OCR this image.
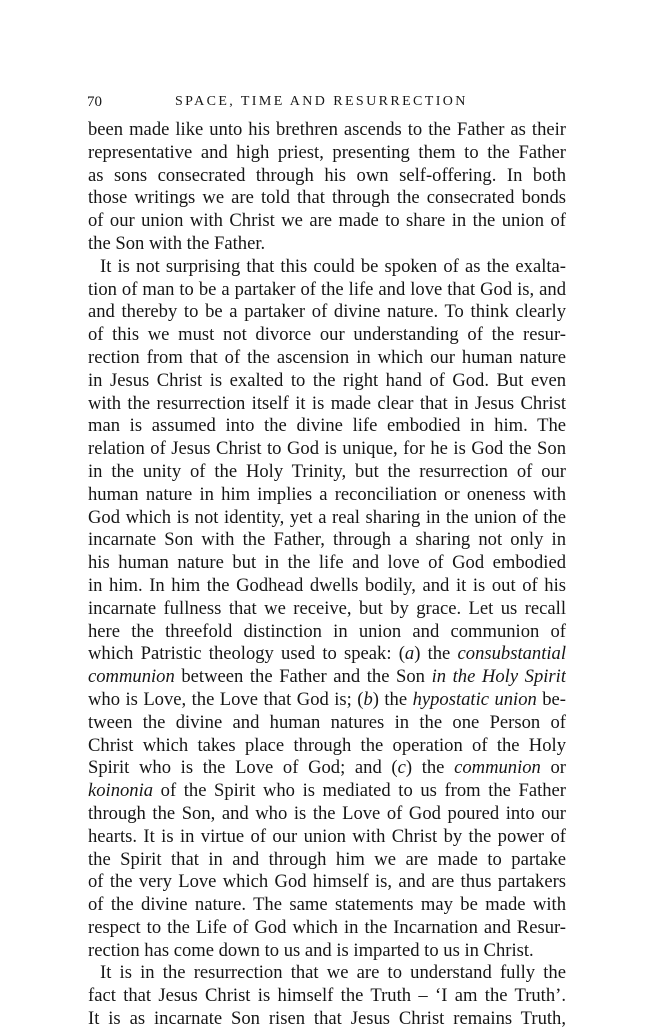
70	SPACE, TIME AND RESURRECTION
been made like unto his brethren ascends to the Father as their
representative and high priest, presenting them to the Father
as sons consecrated through his own self-offering. In both
those writings we are told that through the consecrated bonds
of our union with Christ we are made to share in the union of
the Son with the Father.
It is not surprising that this could be spoken of as the exalta-
tion of man to be a partaker of the life and love that God is, and
and thereby to be a partaker of divine nature. To think clearly
of this we must not divorce our understanding of the resur-
rection from that of the ascension in which our human nature
in Jesus Christ is exalted to the right hand of God. But even
with the resurrection itself it is made clear that in Jesus Christ
man is assumed into the divine life embodied in him. The
relation of Jesus Christ to God is unique, for he is God the Son
in the unity of the Holy Trinity, but the resurrection of our
human nature in him implies a reconciliation or oneness with
God which is not identity, yet a real sharing in the union of the
incarnate Son with the Father, through a sharing not only in
his human nature but in the life and love of God embodied
in him. In him the Godhead dwells bodily, and it is out of his
incarnate fullness that we receive, but by grace. Let us recall
here the threefold distinction in union and communion of
which Patristic theology used to speak: (a) the consubstantial
communion between the Father and the Son in the Holy Spirit
who is Love, the Love that God is; (b) the hypostatic union be-
tween the divine and human natures in the one Person of
Christ which takes place through the operation of the Holy
Spirit who is the Love of God; and (c) the communion or
koinonia of the Spirit who is mediated to us from the Father
through the Son, and who is the Love of God poured into our
hearts. It is in virtue of our union with Christ by the power of
the Spirit that in and through him we are made to partake
of the very Love which God himself is, and are thus partakers
of the divine nature. The same statements may be made with
respect to the Life of God which in the Incarnation and Resur-
rection has come down to us and is imparted to us in Christ.
It is in the resurrection that we are to understand fully the
fact that Jesus Christ is himself the Truth – ‘I am the Truth’.
It is as incarnate Son risen that Jesus Christ remains Truth,
